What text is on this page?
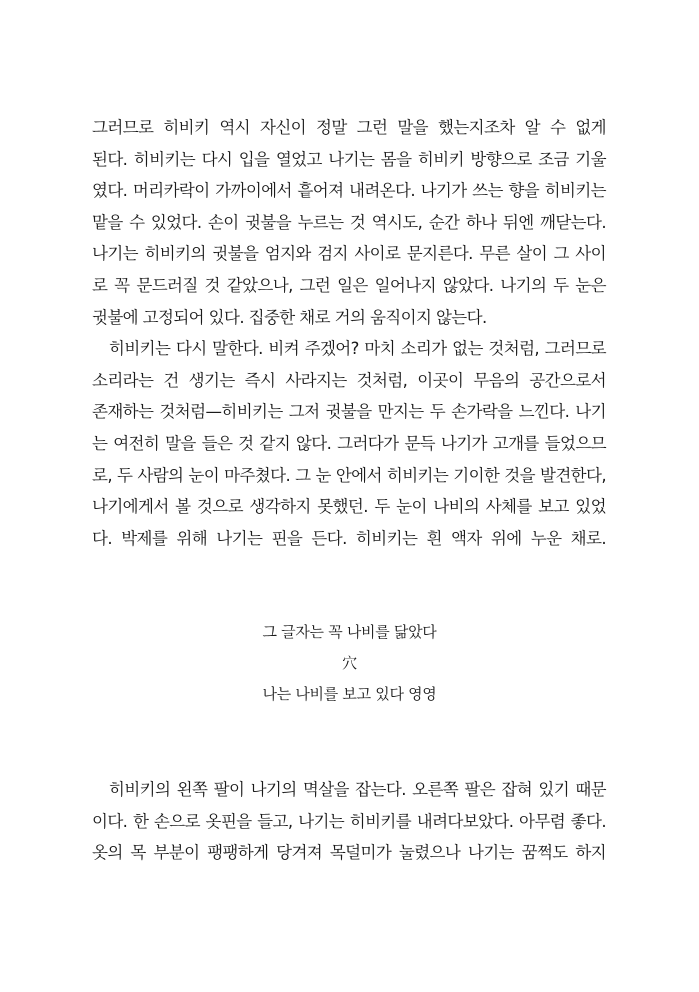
그러므로 히비키 역시 자신이 정말 그런 말을 했는지조차 알 수 없게
된다. 히비키는 다시 입을 열었고 나기는 몸을 히비키 방향으로 조금 기울
였다. 머리카락이 가까이에서 흩어져 내려온다. 나기가 쓰는 향을 히비키는
맡을 수 있었다. 손이 귓불을 누르는 것 역시도, 순간 하나 뒤엔 깨닫는다.
나기는 히비키의 귓불을 엄지와 검지 사이로 문지른다. 무른 살이 그 사이
로 꼭 문드러질 것 같았으나, 그런 일은 일어나지 않았다. 나기의 두 눈은
귓불에 고정되어 있다. 집중한 채로 거의 움직이지 않는다.
히비키는 다시 말한다. 비켜 주겠어? 마치 소리가 없는 것처럼, 그러므로
소리라는 건 생기는 즉시 사라지는 것처럼, 이곳이 무음의 공간으로서
존재하는 것처럼—히비키는 그저 귓불을 만지는 두 손가락을 느낀다. 나기
는 여전히 말을 들은 것 같지 않다. 그러다가 문득 나기가 고개를 들었으므
로, 두 사람의 눈이 마주쳤다. 그 눈 안에서 히비키는 기이한 것을 발견한다,
나기에게서 볼 것으로 생각하지 못했던. 두 눈이 나비의 사체를 보고 있었
다. 박제를 위해 나기는 핀을 든다. 히비키는 흰 액자 위에 누운 채로.
그 글자는 꼭 나비를 닮았다
穴
나는 나비를 보고 있다 영영
히비키의 왼쪽 팔이 나기의 멱살을 잡는다. 오른쪽 팔은 잡혀 있기 때문
이다. 한 손으로 옷핀을 들고, 나기는 히비키를 내려다보았다. 아무렴 좋다.
옷의 목 부분이 팽팽하게 당겨져 목덜미가 눌렸으나 나기는 꿈쩍도 하지
